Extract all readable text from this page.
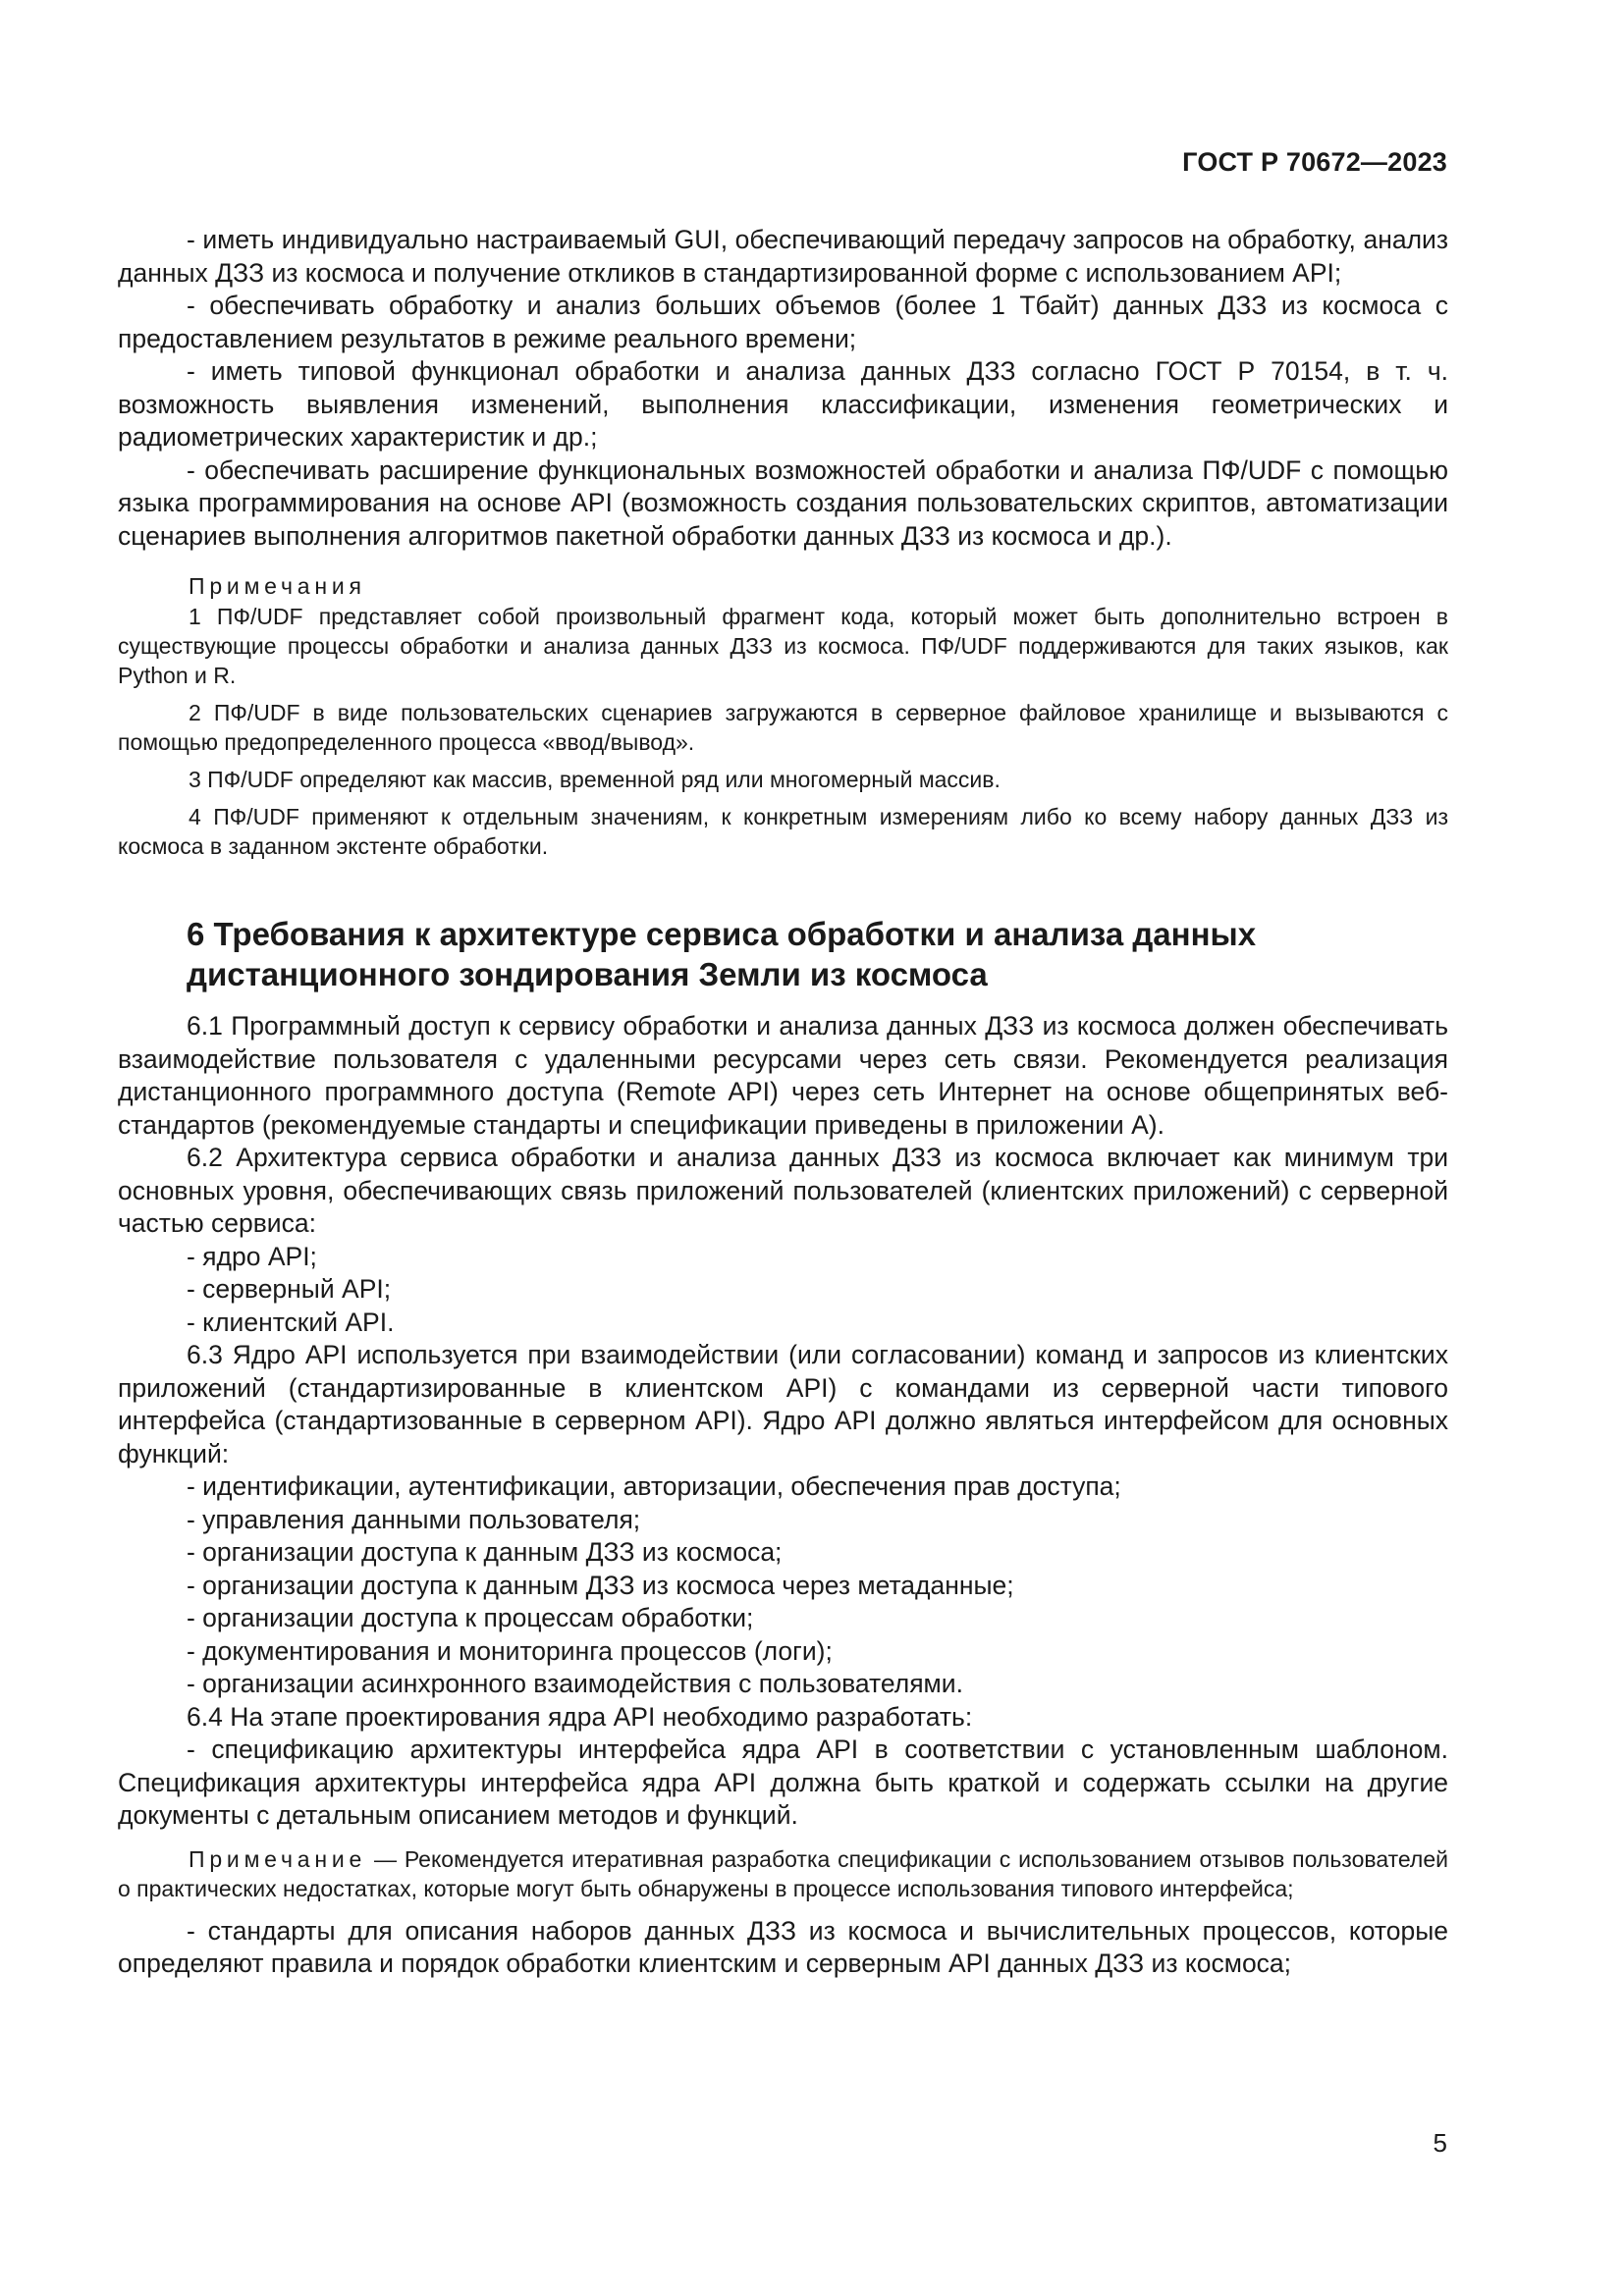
ГОСТ Р 70672—2023

- иметь индивидуально настраиваемый GUI, обеспечивающий передачу запросов на обработку, анализ данных ДЗЗ из космоса и получение откликов в стандартизированной форме с использованием API;

- обеспечивать обработку и анализ больших объемов (более 1 Тбайт) данных ДЗЗ из космоса с предоставлением результатов в режиме реального времени;

- иметь типовой функционал обработки и анализа данных ДЗЗ согласно ГОСТ Р 70154, в т. ч. возможность выявления изменений, выполнения классификации, изменения геометрических и радиометрических характеристик и др.;

- обеспечивать расширение функциональных возможностей обработки и анализа ПФ/UDF с помощью языка программирования на основе API (возможность создания пользовательских скриптов, автоматизации сценариев выполнения алгоритмов пакетной обработки данных ДЗЗ из космоса и др.).

Примечания

1 ПФ/UDF представляет собой произвольный фрагмент кода, который может быть дополнительно встроен в существующие процессы обработки и анализа данных ДЗЗ из космоса. ПФ/UDF поддерживаются для таких языков, как Python и R.

2 ПФ/UDF в виде пользовательских сценариев загружаются в серверное файловое хранилище и вызываются с помощью предопределенного процесса «ввод/вывод».

3 ПФ/UDF определяют как массив, временной ряд или многомерный массив.

4 ПФ/UDF применяют к отдельным значениям, к конкретным измерениям либо ко всему набору данных ДЗЗ из космоса в заданном экстенте обработки.

6 Требования к архитектуре сервиса обработки и анализа данных
дистанционного зондирования Земли из космоса

6.1 Программный доступ к сервису обработки и анализа данных ДЗЗ из космоса должен обеспечивать взаимодействие пользователя с удаленными ресурсами через сеть связи. Рекомендуется реализация дистанционного программного доступа (Remote API) через сеть Интернет на основе общепринятых веб-стандартов (рекомендуемые стандарты и спецификации приведены в приложении А).

6.2 Архитектура сервиса обработки и анализа данных ДЗЗ из космоса включает как минимум три основных уровня, обеспечивающих связь приложений пользователей (клиентских приложений) с серверной частью сервиса:

- ядро API;

- серверный API;

- клиентский API.

6.3 Ядро API используется при взаимодействии (или согласовании) команд и запросов из клиентских приложений (стандартизированные в клиентском API) с командами из серверной части типового интерфейса (стандартизованные в серверном API). Ядро API должно являться интерфейсом для основных функций:

- идентификации, аутентификации, авторизации, обеспечения прав доступа;

- управления данными пользователя;

- организации доступа к данным ДЗЗ из космоса;

- организации доступа к данным ДЗЗ из космоса через метаданные;

- организации доступа к процессам обработки;

- документирования и мониторинга процессов (логи);

- организации асинхронного взаимодействия с пользователями.

6.4 На этапе проектирования ядра API необходимо разработать:

- спецификацию архитектуры интерфейса ядра API в соответствии с установленным шаблоном. Спецификация архитектуры интерфейса ядра API должна быть краткой и содержать ссылки на другие документы с детальным описанием методов и функций.

Примечание — Рекомендуется итеративная разработка спецификации с использованием отзывов пользователей о практических недостатках, которые могут быть обнаружены в процессе использования типового интерфейса;

- стандарты для описания наборов данных ДЗЗ из космоса и вычислительных процессов, которые определяют правила и порядок обработки клиентским и серверным API данных ДЗЗ из космоса;

5
